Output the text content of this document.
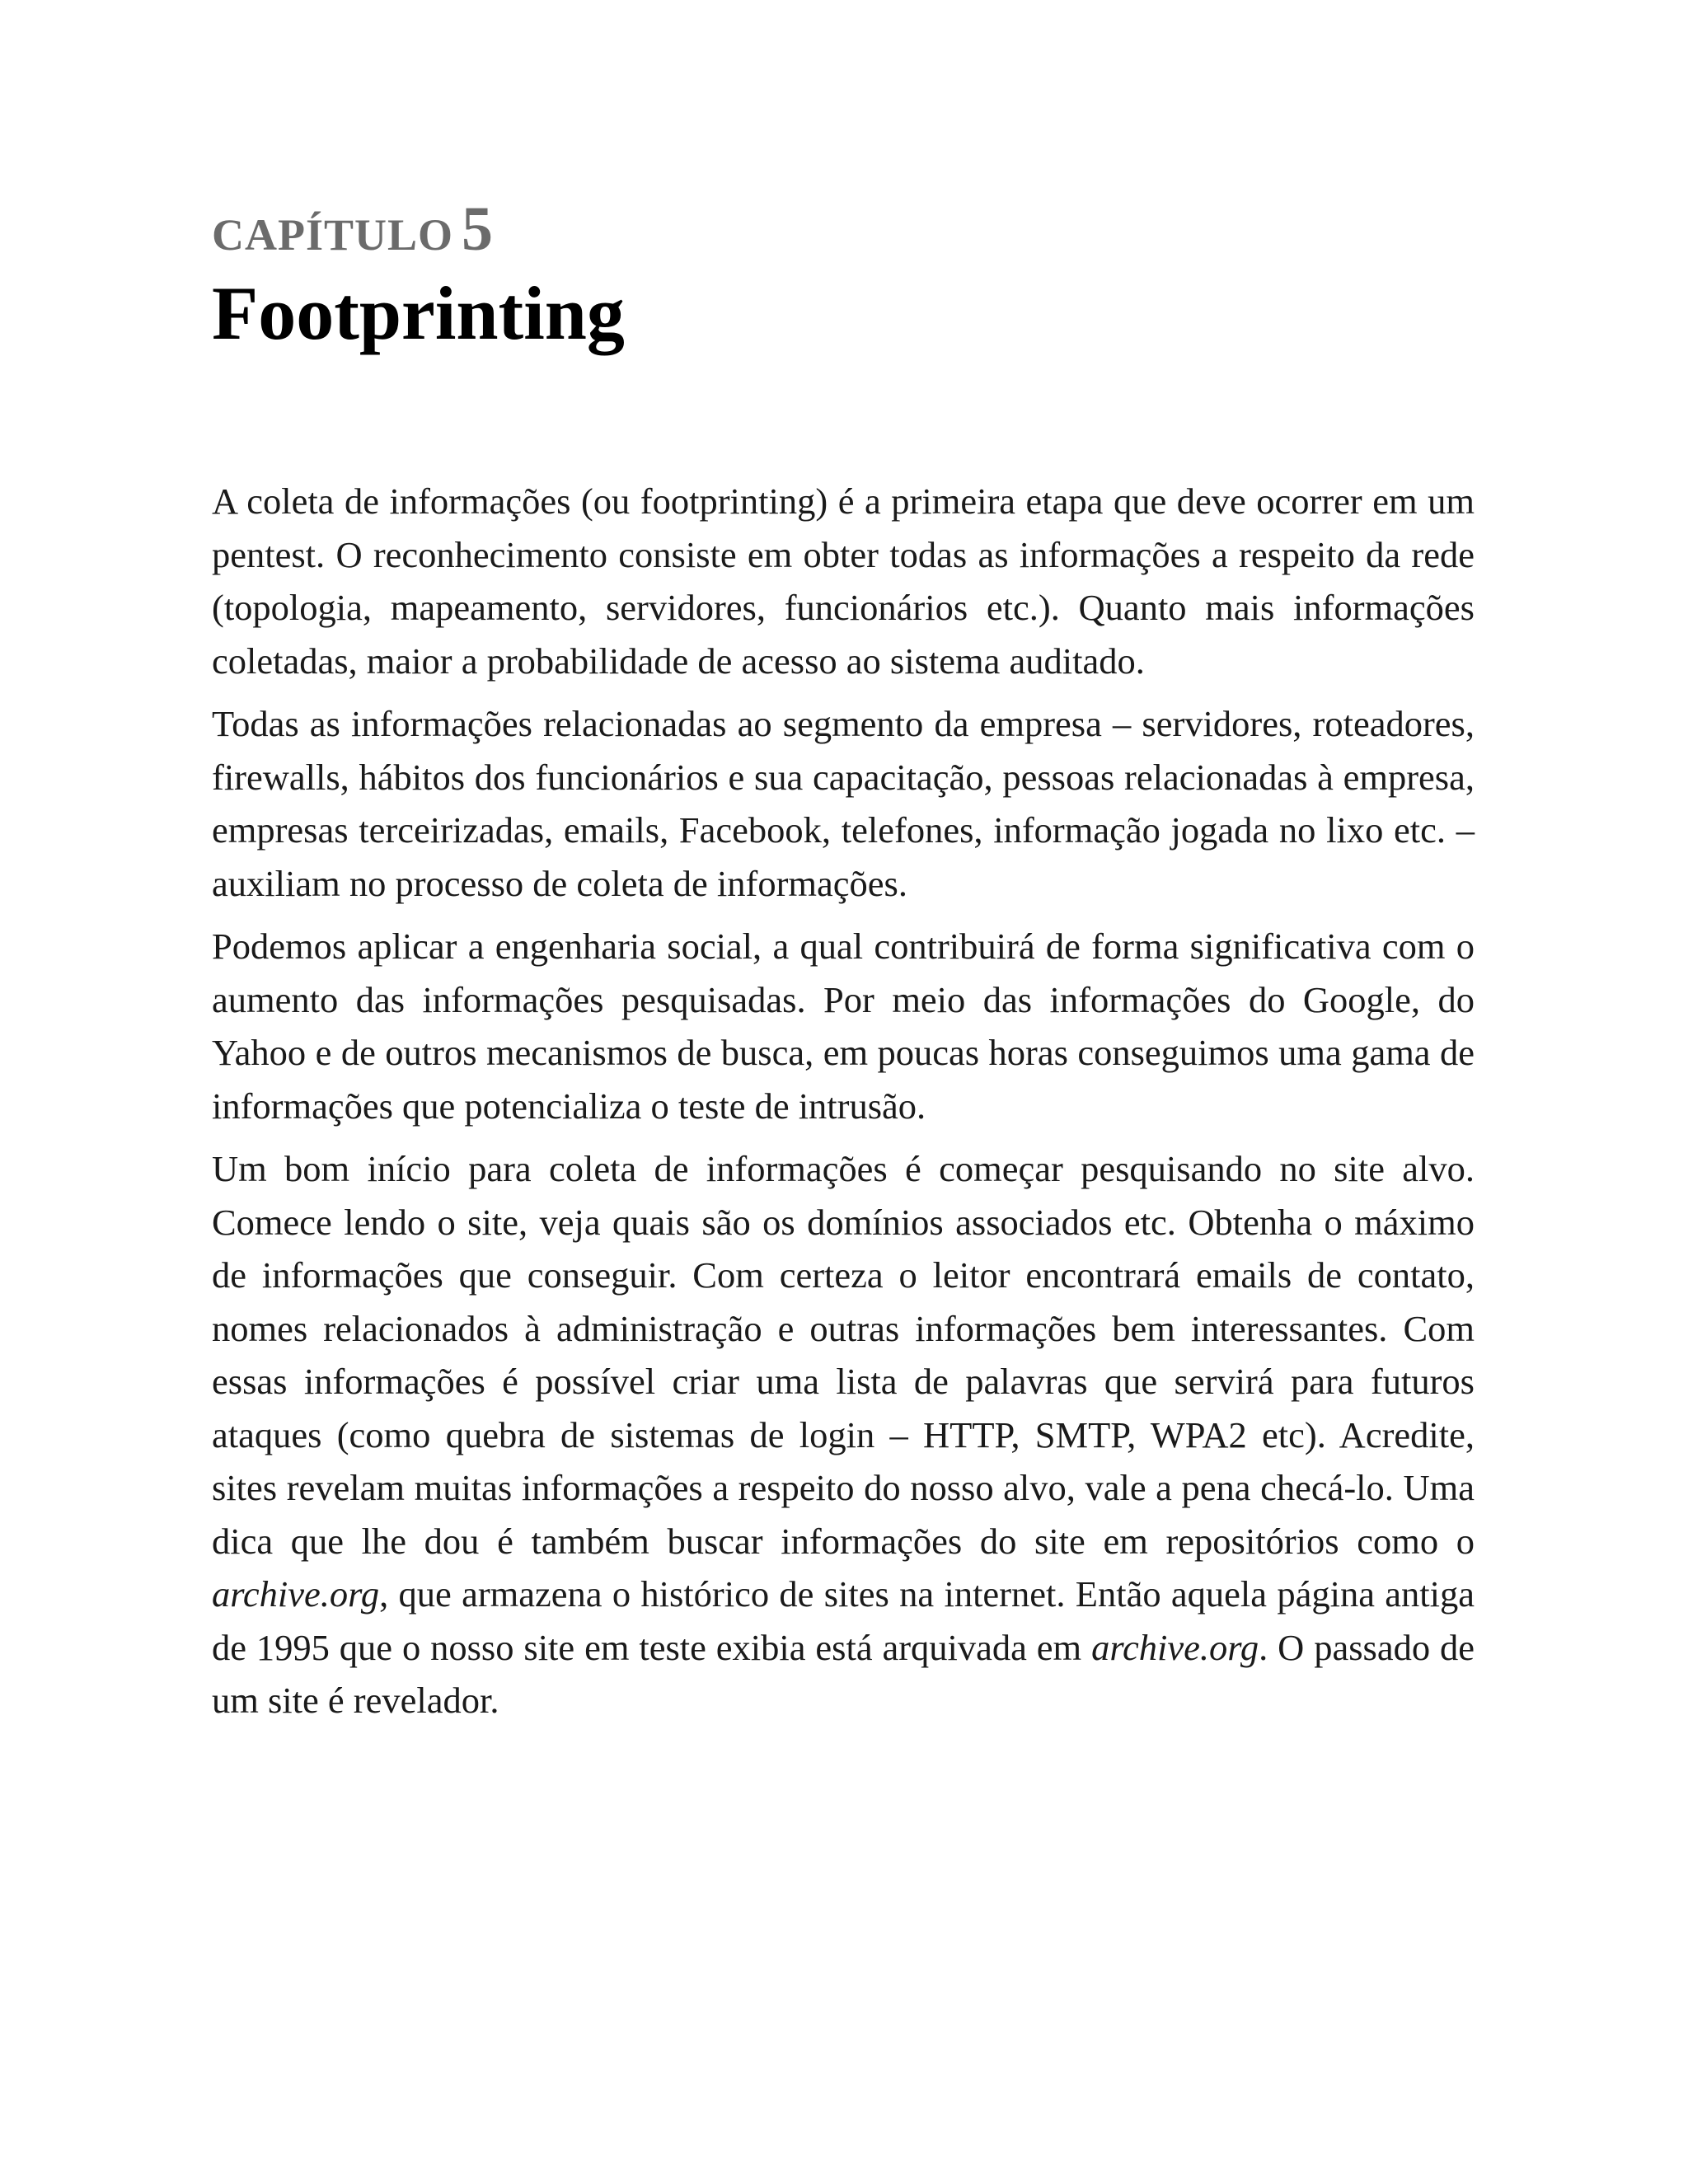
CAPÍTULO 5
Footprinting

A coleta de informações (ou footprinting) é a primeira etapa que deve ocorrer em um pentest. O reconhecimento consiste em obter todas as informações a respeito da rede (topologia, mapeamento, servidores, funcionários etc.). Quanto mais informações coletadas, maior a probabilidade de acesso ao sistema auditado.

Todas as informações relacionadas ao segmento da empresa – servidores, roteadores, firewalls, hábitos dos funcionários e sua capacitação, pessoas relacionadas à empresa, empresas terceirizadas, emails, Facebook, telefones, informação jogada no lixo etc. – auxiliam no processo de coleta de informações.

Podemos aplicar a engenharia social, a qual contribuirá de forma significativa com o aumento das informações pesquisadas. Por meio das informações do Google, do Yahoo e de outros mecanismos de busca, em poucas horas conseguimos uma gama de informações que potencializa o teste de intrusão.

Um bom início para coleta de informações é começar pesquisando no site alvo. Comece lendo o site, veja quais são os domínios associados etc. Obtenha o máximo de informações que conseguir. Com certeza o leitor encontrará emails de contato, nomes relacionados à administração e outras informações bem interessantes. Com essas informações é possível criar uma lista de palavras que servirá para futuros ataques (como quebra de sistemas de login – HTTP, SMTP, WPA2 etc). Acredite, sites revelam muitas informações a respeito do nosso alvo, vale a pena checá-lo. Uma dica que lhe dou é também buscar informações do site em repositórios como o archive.org, que armazena o histórico de sites na internet. Então aquela página antiga de 1995 que o nosso site em teste exibia está arquivada em archive.org. O passado de um site é revelador.
